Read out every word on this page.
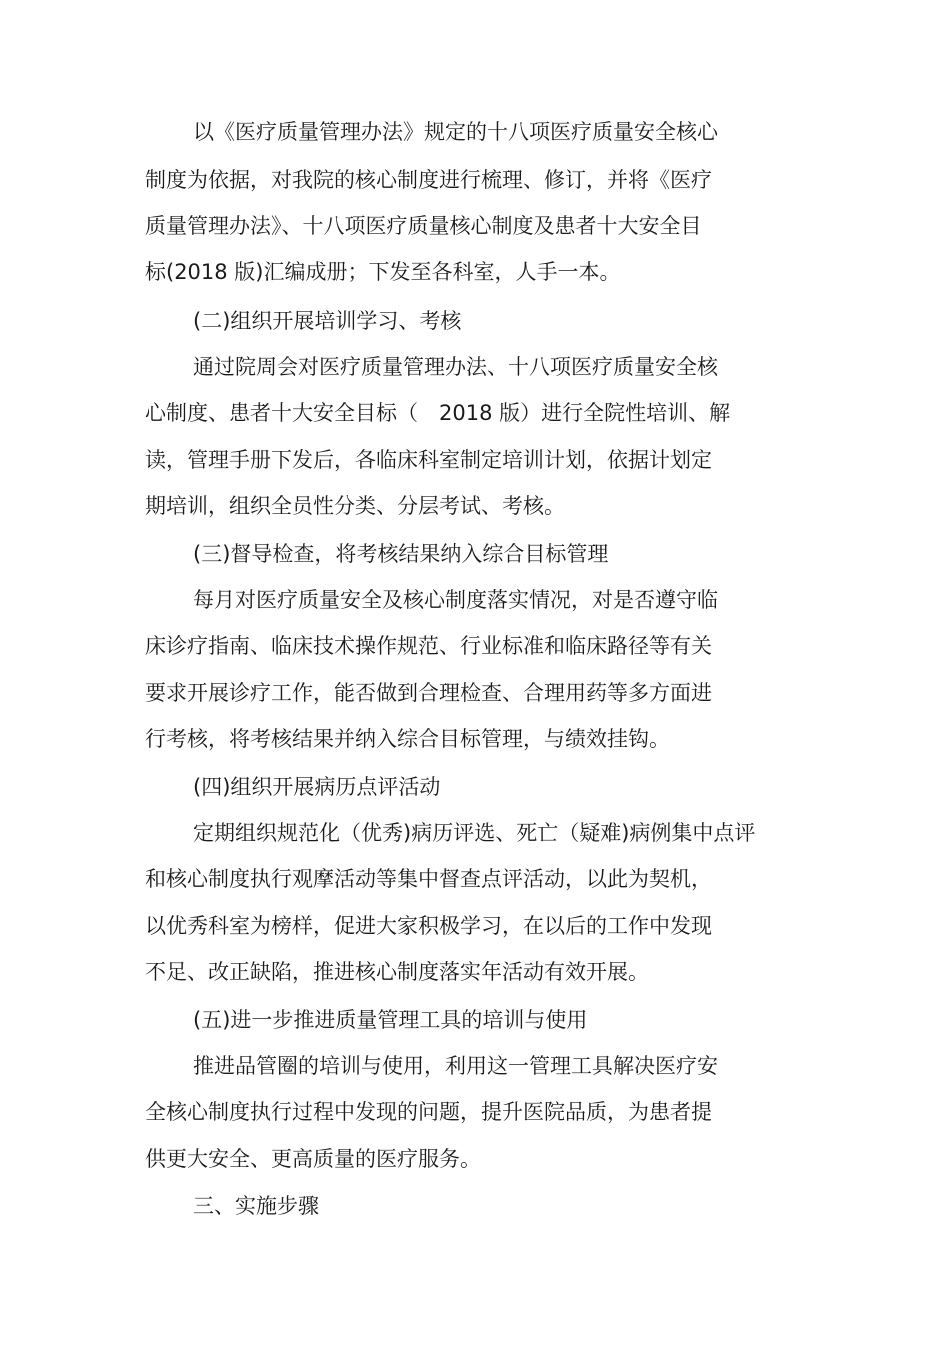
以《医疗质量管理办法》规定的十八项医疗质量安全核心
制度为依据，对我院的核心制度进行梳理、修订，并将《医疗
质量管理办法》、十八项医疗质量核心制度及患者十大安全目
标(2018 版)汇编成册；下发至各科室，人手一本。
(二)组织开展培训学习、考核
通过院周会对医疗质量管理办法、十八项医疗质量安全核
心制度、患者十大安全目标（　2018 版）进行全院性培训、解
读，管理手册下发后，各临床科室制定培训计划，依据计划定
期培训，组织全员性分类、分层考试、考核。
(三)督导检查，将考核结果纳入综合目标管理
每月对医疗质量安全及核心制度落实情况，对是否遵守临
床诊疗指南、临床技术操作规范、行业标准和临床路径等有关
要求开展诊疗工作，能否做到合理检查、合理用药等多方面进
行考核，将考核结果并纳入综合目标管理，与绩效挂钩。
(四)组织开展病历点评活动
定期组织规范化（优秀)病历评选、死亡（疑难)病例集中点评
和核心制度执行观摩活动等集中督查点评活动，以此为契机，
以优秀科室为榜样，促进大家积极学习，在以后的工作中发现
不足、改正缺陷，推进核心制度落实年活动有效开展。
(五)进一步推进质量管理工具的培训与使用
推进品管圈的培训与使用，利用这一管理工具解决医疗安
全核心制度执行过程中发现的问题，提升医院品质，为患者提
供更大安全、更高质量的医疗服务。
三、实施步骤
